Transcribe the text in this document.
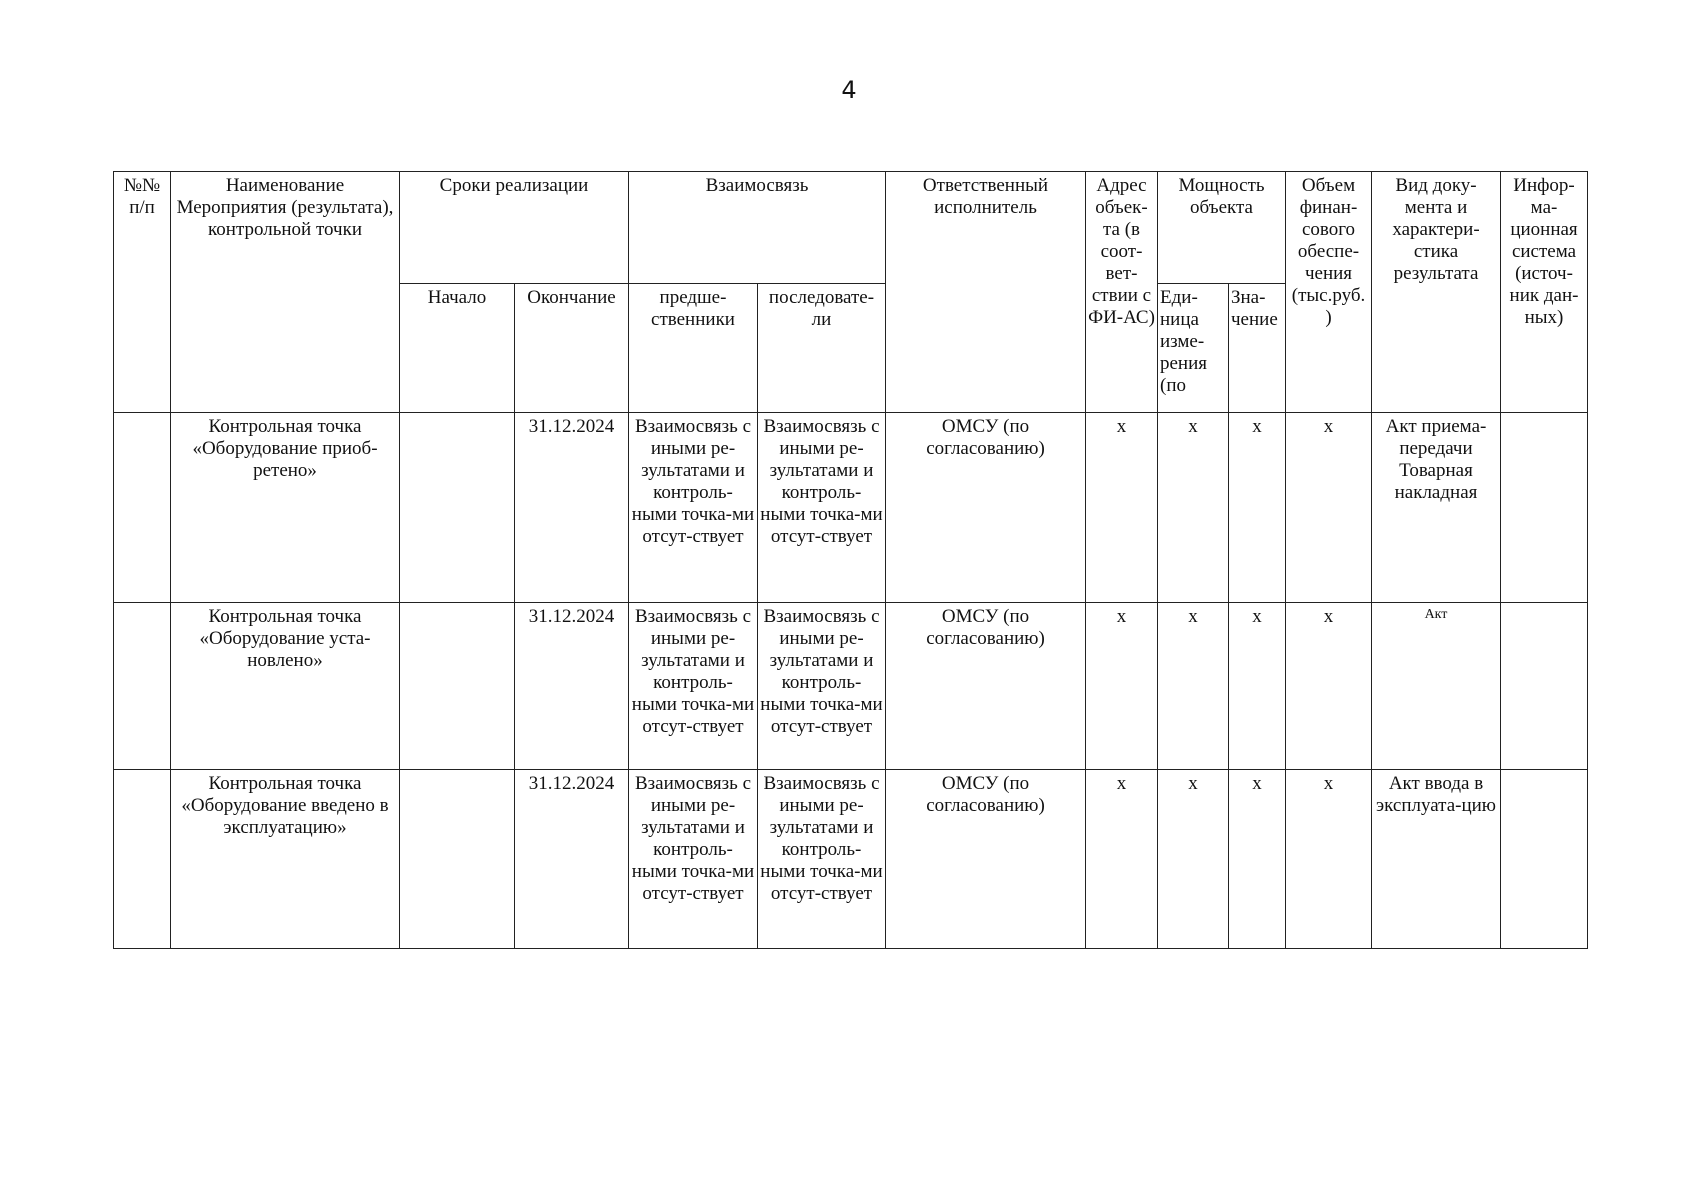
4
№№ п/п	Наименование Мероприятия (результата), контрольной точки	Сроки реализации		Взаимосвязь		Ответственный исполнитель	Адрес объек-та (в соот-вет-ствии с ФИ-АС)	Мощность объекта		Объем финан-сового обеспе-чения (тыс.руб. )	Вид доку-мента и характери-стика результата	Инфор-ма-ционная система (источ-ник дан-ных)
		Начало	Окончание	предше-ственники	последовате-ли			Еди-ница изме-рения (по	Зна-чение			
	Контрольная точка «Оборудование приоб-ретено»		31.12.2024	Взаимосвязь с иными ре-зультатами и контроль-ными точка-ми отсут-ствует	Взаимосвязь с иными ре-зультатами и контроль-ными точка-ми отсут-ствует	ОМСУ (по согласованию)	х	х	х	х	Акт приема-передачи Товарная накладная	
	Контрольная точка «Оборудование уста-новлено»		31.12.2024	Взаимосвязь с иными ре-зультатами и контроль-ными точка-ми отсут-ствует	Взаимосвязь с иными ре-зультатами и контроль-ными точка-ми отсут-ствует	ОМСУ (по согласованию)	х	х	х	х	Акт	
	Контрольная точка «Оборудование введено в эксплуатацию»		31.12.2024	Взаимосвязь с иными ре-зультатами и контроль-ными точка-ми отсут-ствует	Взаимосвязь с иными ре-зультатами и контроль-ными точка-ми отсут-ствует	ОМСУ (по согласованию)	х	х	х	х	Акт ввода в эксплуата-цию	
